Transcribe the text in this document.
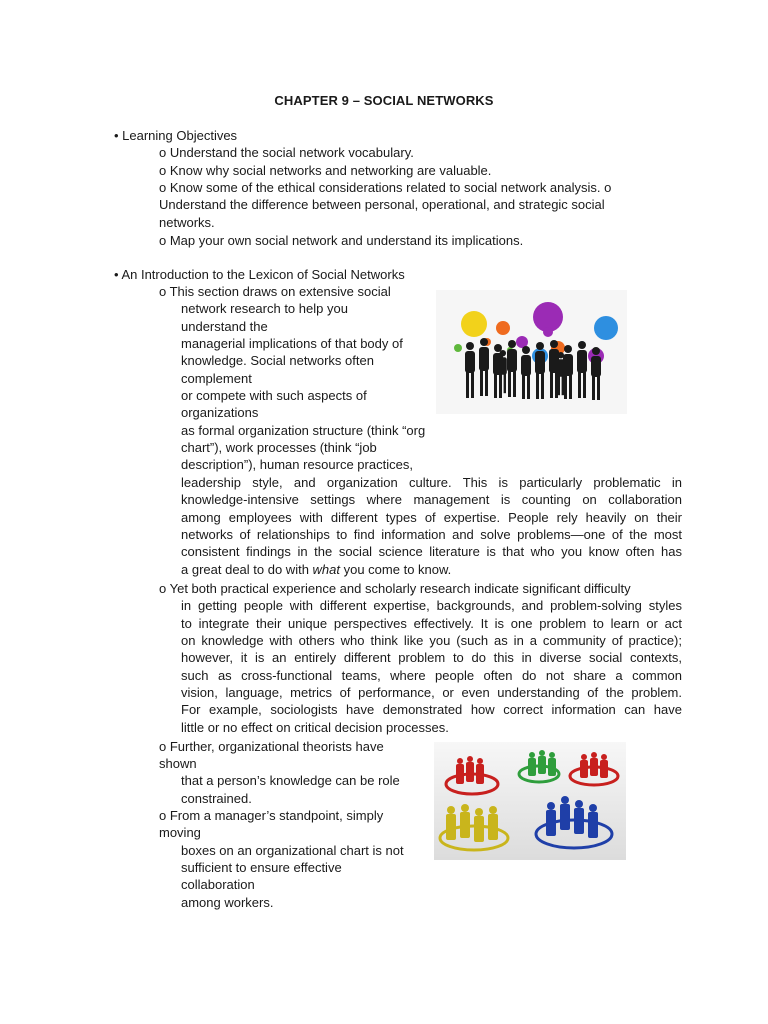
CHAPTER 9 – SOCIAL NETWORKS
• Learning Objectives
o Understand the social network vocabulary.
o Know why social networks and networking are valuable.
o Know some of the ethical considerations related to social network analysis. o
Understand the difference between personal, operational, and strategic social
networks.
o Map your own social network and understand its implications.
• An Introduction to the Lexicon of Social Networks
o This section draws on extensive social
network research to help you
understand the
managerial implications of that body of
knowledge. Social networks often
complement
or compete with such aspects of
organizations
as formal organization structure (think “org
chart”), work processes (think “job
description”), human resource practices,
leadership style, and organization culture. This is particularly problematic in
knowledge-intensive settings where management is counting on collaboration
among employees with different types of expertise. People rely heavily on their
networks of relationships to find information and solve problems—one of the most
consistent findings in the social science literature is that who you know often has
a great deal to do with what you come to know.
o Yet both practical experience and scholarly research indicate significant difficulty
in getting people with different expertise, backgrounds, and problem-solving styles
to integrate their unique perspectives effectively. It is one problem to learn or act
on knowledge with others who think like you (such as in a community of practice);
however, it is an entirely different problem to do this in diverse social contexts,
such as cross-functional teams, where people often do not share a common
vision, language, metrics of performance, or even understanding of the problem.
For example, sociologists have demonstrated how correct information can have
little or no effect on critical decision processes.
o Further, organizational theorists have
shown
that a person’s knowledge can be role
constrained.
o From a manager’s standpoint, simply
moving
boxes on an organizational chart is not
sufficient to ensure effective
collaboration
among workers.
